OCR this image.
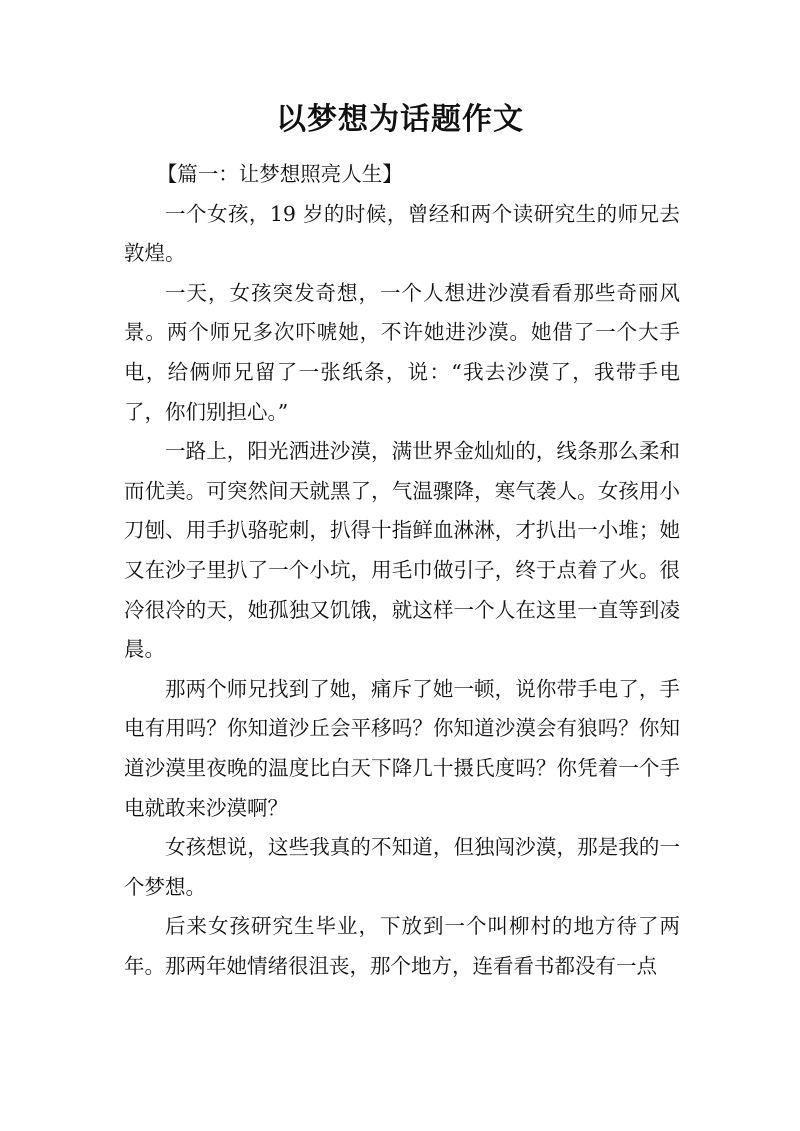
以梦想为话题作文

【篇一：让梦想照亮人生】

一个女孩，19 岁的时候，曾经和两个读研究生的师兄去敦煌。

一天，女孩突发奇想，一个人想进沙漠看看那些奇丽风景。两个师兄多次吓唬她，不许她进沙漠。她借了一个大手电，给俩师兄留了一张纸条，说：“我去沙漠了，我带手电了，你们别担心。”

一路上，阳光洒进沙漠，满世界金灿灿的，线条那么柔和而优美。可突然间天就黑了，气温骤降，寒气袭人。女孩用小刀刨、用手扒骆驼刺，扒得十指鲜血淋淋，才扒出一小堆；她又在沙子里扒了一个小坑，用毛巾做引子，终于点着了火。很冷很冷的天，她孤独又饥饿，就这样一个人在这里一直等到凌晨。

那两个师兄找到了她，痛斥了她一顿，说你带手电了，手电有用吗？你知道沙丘会平移吗？你知道沙漠会有狼吗？你知道沙漠里夜晚的温度比白天下降几十摄氏度吗？你凭着一个手电就敢来沙漠啊？

女孩想说，这些我真的不知道，但独闯沙漠，那是我的一个梦想。

后来女孩研究生毕业，下放到一个叫柳村的地方待了两年。那两年她情绪很沮丧，那个地方，连看看书都没有一点
